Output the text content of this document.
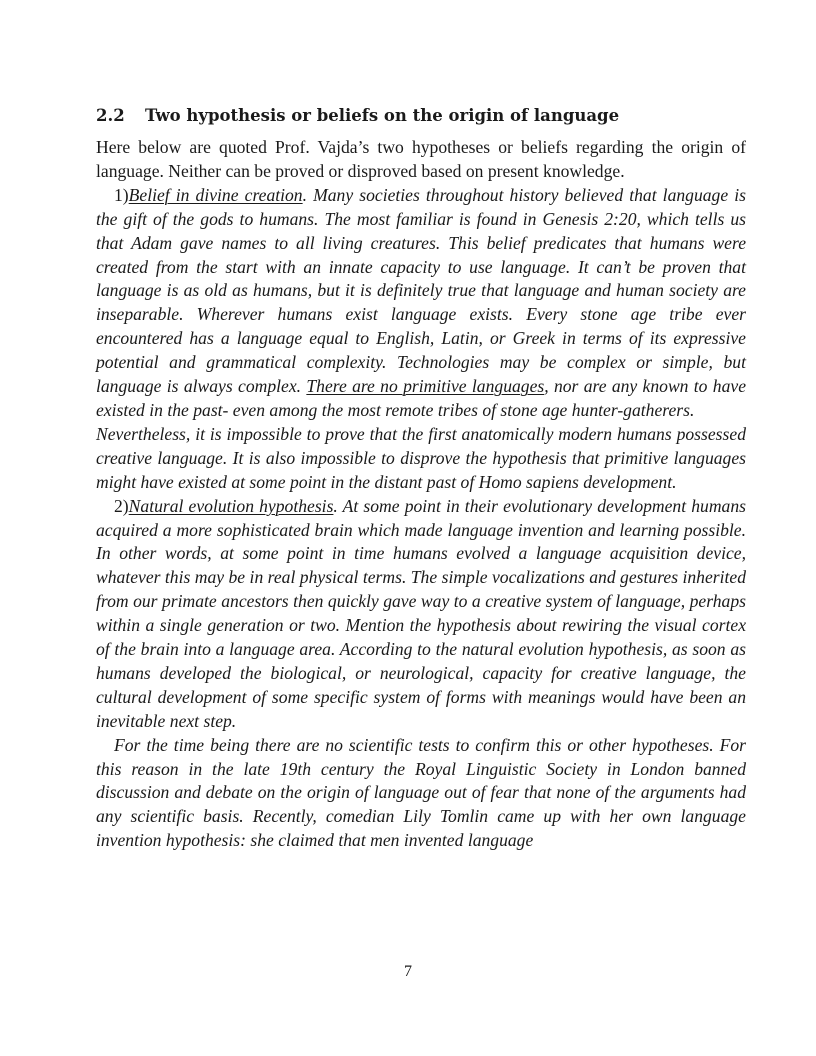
2.2 Two hypothesis or beliefs on the origin of language

Here below are quoted Prof. Vajda’s two hypotheses or beliefs regarding the origin of language. Neither can be proved or disproved based on present knowledge.

1)Belief in divine creation. Many societies throughout history believed that language is the gift of the gods to humans. The most familiar is found in Genesis 2:20, which tells us that Adam gave names to all living creatures. This belief predicates that humans were created from the start with an innate capacity to use language. It can’t be proven that language is as old as humans, but it is definitely true that language and human society are inseparable. Wherever humans exist language exists. Every stone age tribe ever encountered has a language equal to English, Latin, or Greek in terms of its expressive potential and grammatical complexity. Technologies may be complex or simple, but language is always complex. There are no primitive languages, nor are any known to have existed in the past- even among the most remote tribes of stone age hunter-gatherers.

Nevertheless, it is impossible to prove that the first anatomically modern humans possessed creative language. It is also impossible to disprove the hypothesis that primitive languages might have existed at some point in the distant past of Homo sapiens development.

2)Natural evolution hypothesis. At some point in their evolutionary development humans acquired a more sophisticated brain which made language invention and learning possible. In other words, at some point in time humans evolved a language acquisition device, whatever this may be in real physical terms. The simple vocalizations and gestures inherited from our primate ancestors then quickly gave way to a creative system of language, perhaps within a single generation or two. Mention the hypothesis about rewiring the visual cortex of the brain into a language area. According to the natural evolution hypothesis, as soon as humans developed the biological, or neurological, capacity for creative language, the cultural development of some specific system of forms with meanings would have been an inevitable next step.

For the time being there are no scientific tests to confirm this or other hypotheses. For this reason in the late 19th century the Royal Linguistic Society in London banned discussion and debate on the origin of language out of fear that none of the arguments had any scientific basis. Recently, comedian Lily Tomlin came up with her own language invention hypothesis: she claimed that men invented language

7
